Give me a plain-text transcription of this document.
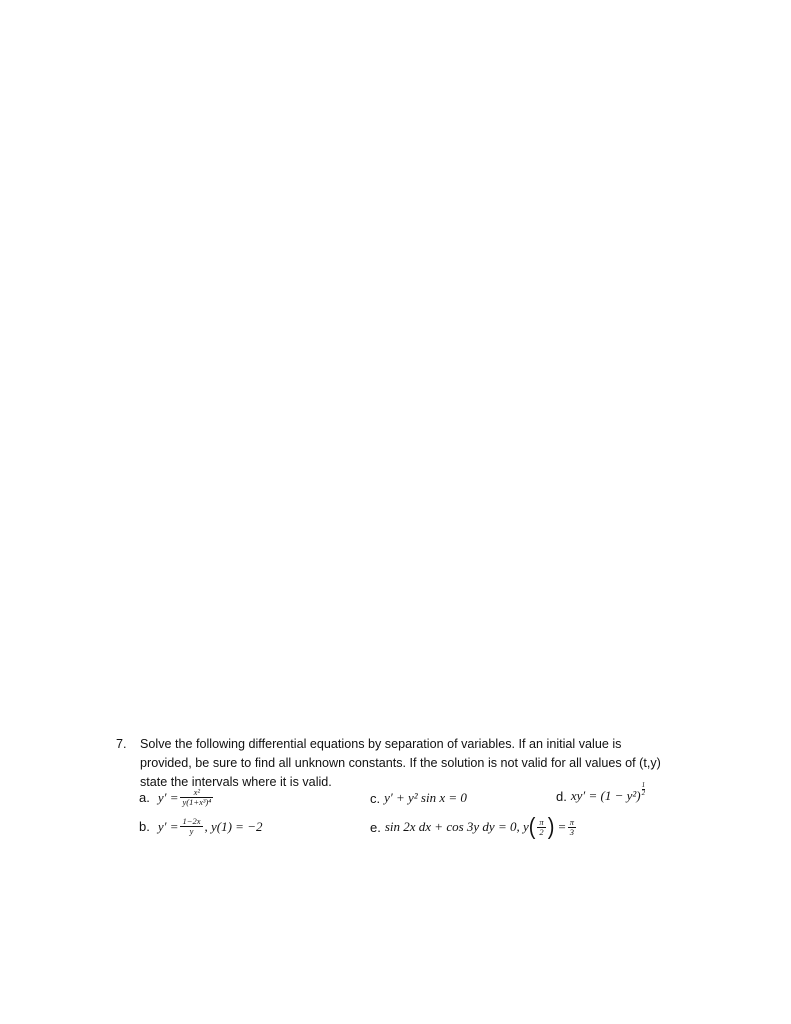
7. Solve the following differential equations by separation of variables. If an initial value is
provided, be sure to find all unknown constants. If the solution is not valid for all values of (t,y)
state the intervals where it is valid.
a. $y' = \frac{\text{x²}}{\text{y(1+x³)⁴}}$
b. $y' = \frac{1-2x}{y}$ , y(1) = −2
c. y′ + y² sin x = 0	d. $xy' = (1 - y^2) \frac{1}{2}$
e. sin 2x dx + cos 3y dy = 0, y ( $\frac{\pi}{2}$ ) = $\frac{\pi}{3}$
